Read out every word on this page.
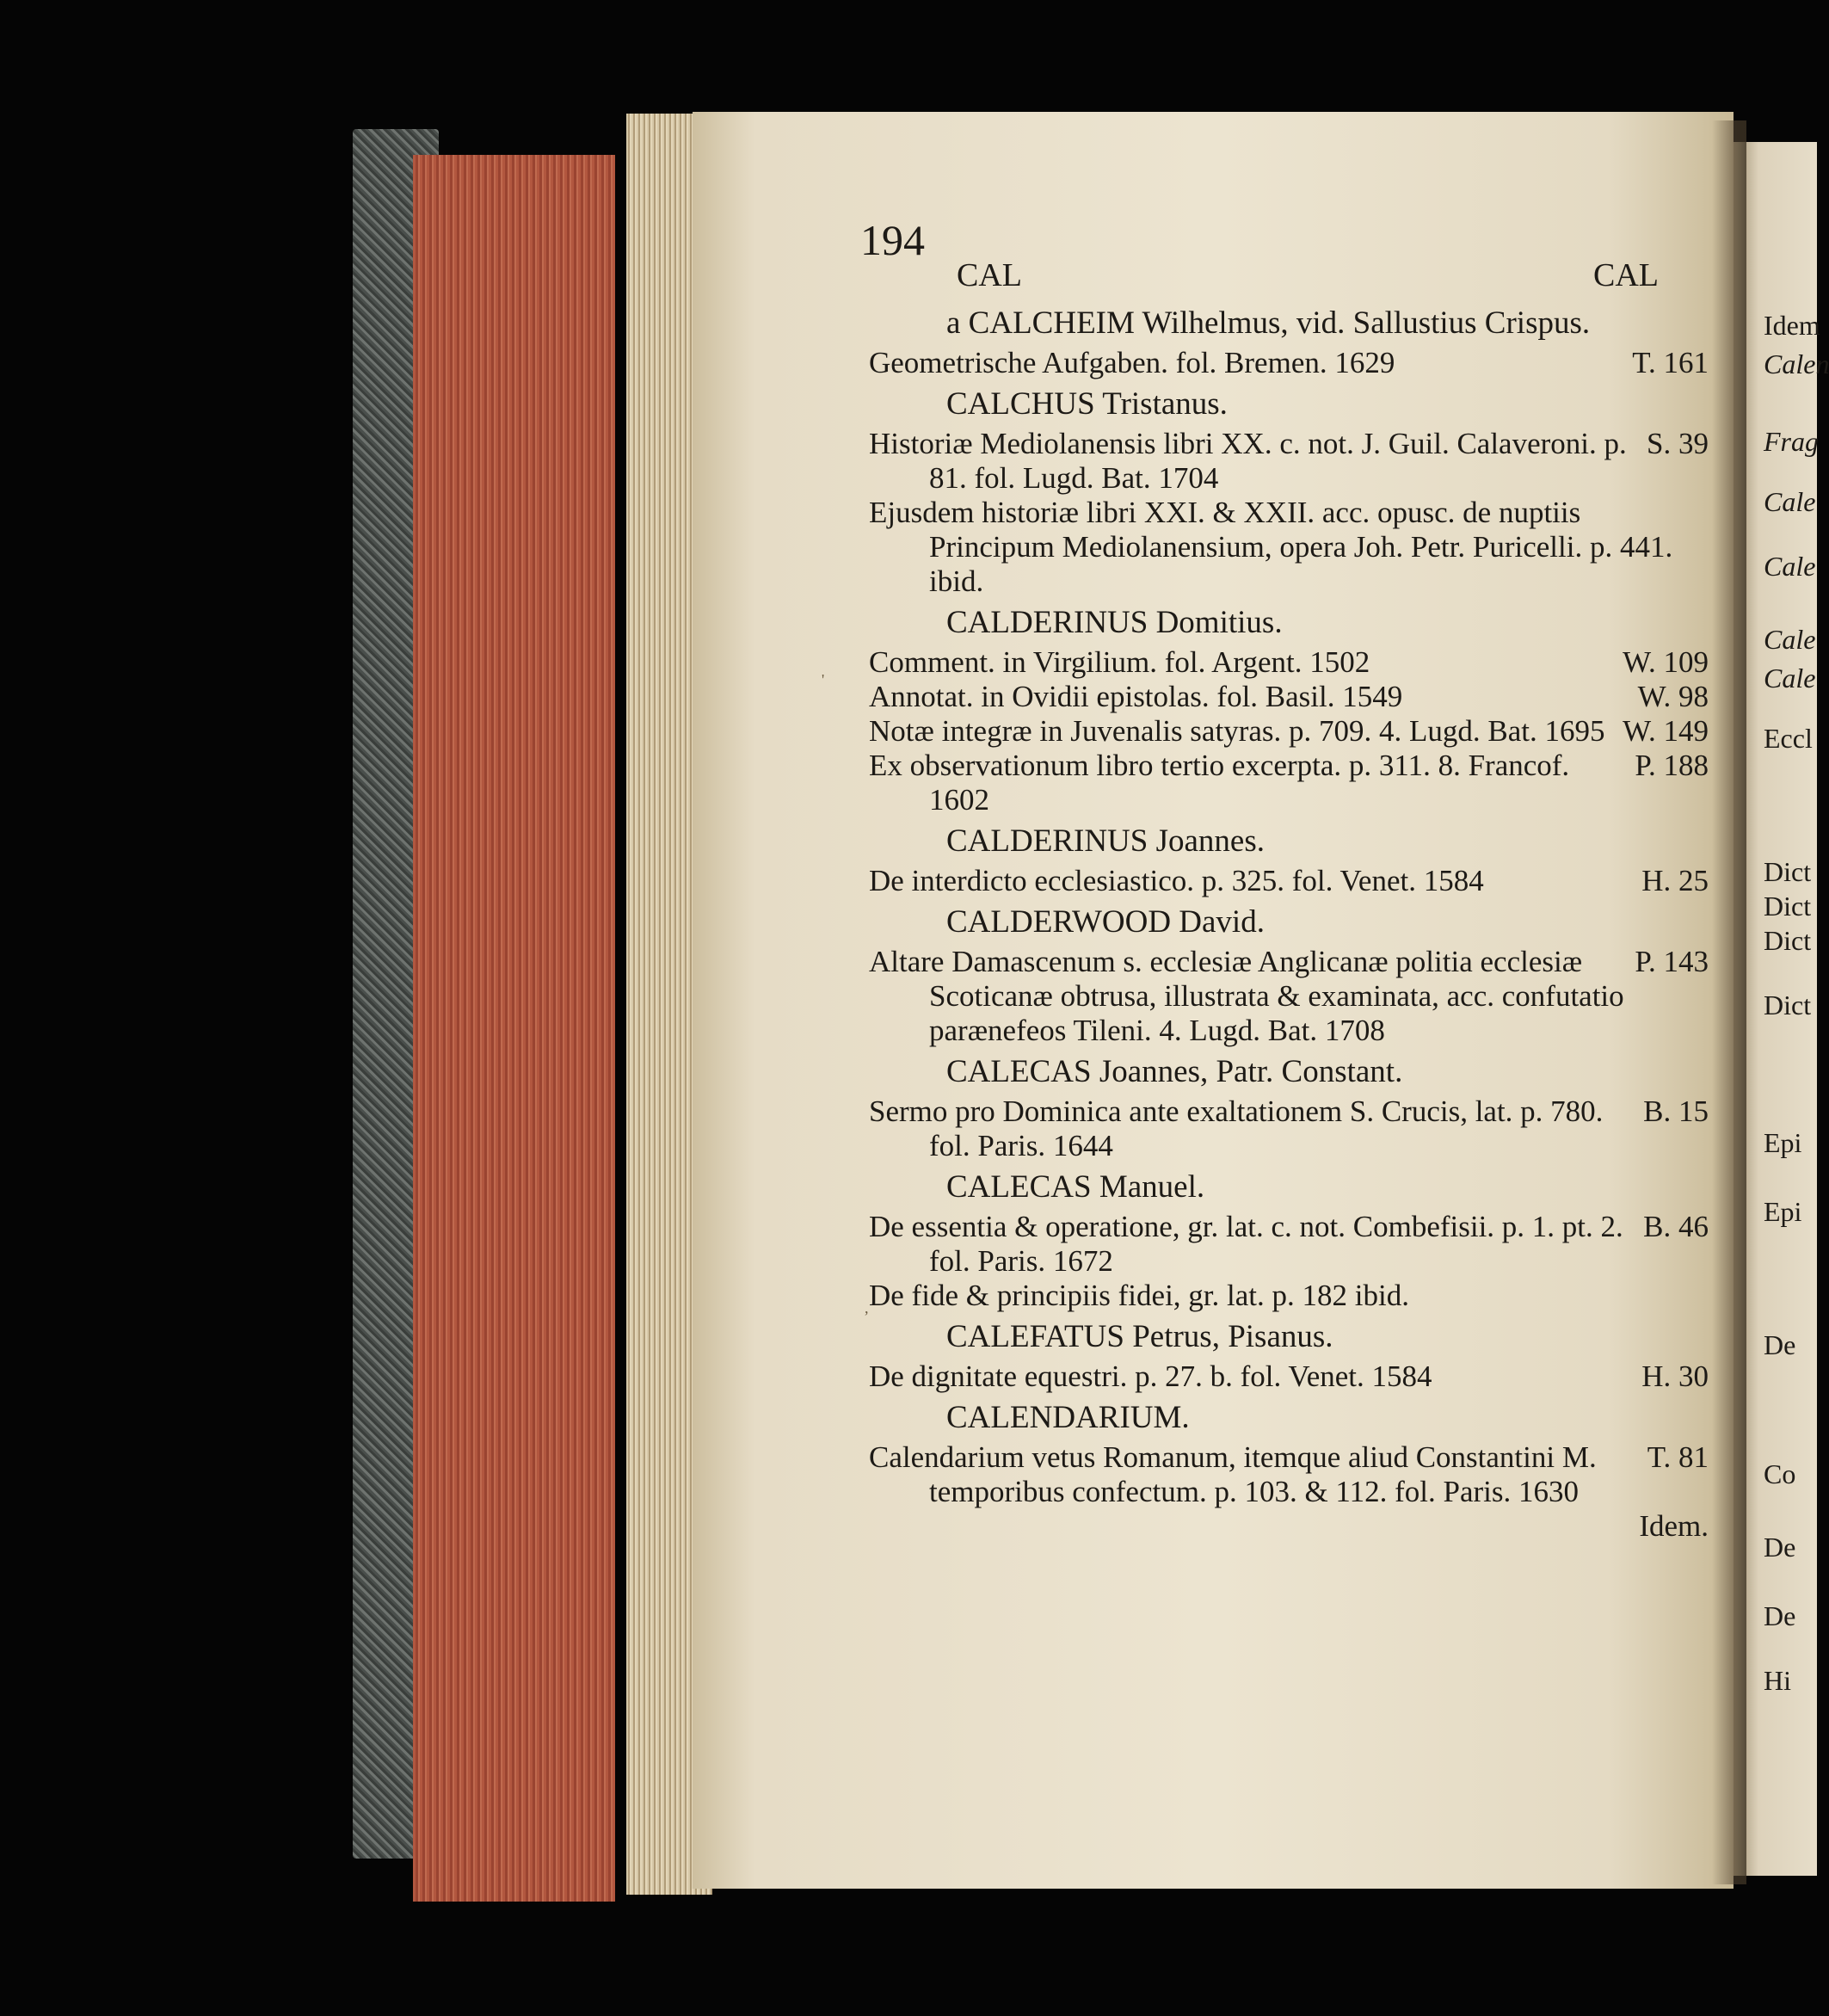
Idem
Calen
Frag
Cale
Cale
Cale
Cale
Eccl
Dict
Dict
Dict
Dict
Epi
Epi
De
Co
De
De
Hi
194
CAL	CAL
a CALCHEIM Wilhelmus, vid. Sallustius Crispus.
T. 161
Geometrische Aufgaben. fol. Bremen. 1629
CALCHUS Tristanus.
S. 39
Historiæ Mediolanensis libri XX. c. not. J. Guil. Calaveroni. p. 81. fol. Lugd. Bat. 1704
Ejusdem historiæ libri XXI. & XXII. acc. opusc. de nuptiis Principum Mediolanensium, opera Joh. Petr. Puricelli. p. 441. ibid.
CALDERINUS Domitius.
W. 109
Comment. in Virgilium. fol. Argent. 1502
W. 98
Annotat. in Ovidii epistolas. fol. Basil. 1549
W. 149
Notæ integræ in Juvenalis satyras. p. 709. 4. Lugd. Bat. 1695
P. 188
Ex observationum libro tertio excerpta. p. 311. 8. Francof. 1602
CALDERINUS Joannes.
H. 25
De interdicto ecclesiastico. p. 325. fol. Venet. 1584
CALDERWOOD David.
P. 143
Altare Damascenum s. ecclesiæ Anglicanæ politia ecclesiæ Scoticanæ obtrusa, illustrata & examinata, acc. confutatio parænefeos Tileni. 4. Lugd. Bat. 1708
CALECAS Joannes, Patr. Constant.
B. 15
Sermo pro Dominica ante exaltationem S. Crucis, lat. p. 780. fol. Paris. 1644
CALECAS Manuel.
B. 46
De essentia & operatione, gr. lat. c. not. Combefisii. p. 1. pt. 2. fol. Paris. 1672
De fide & principiis fidei, gr. lat. p. 182 ibid.
CALEFATUS Petrus, Pisanus.
H. 30
De dignitate equestri. p. 27. b. fol. Venet. 1584
CALENDARIUM.
T. 81
Calendarium vetus Romanum, itemque aliud Constantini M. temporibus confectum. p. 103. & 112. fol. Paris. 1630
Idem.
'
,
